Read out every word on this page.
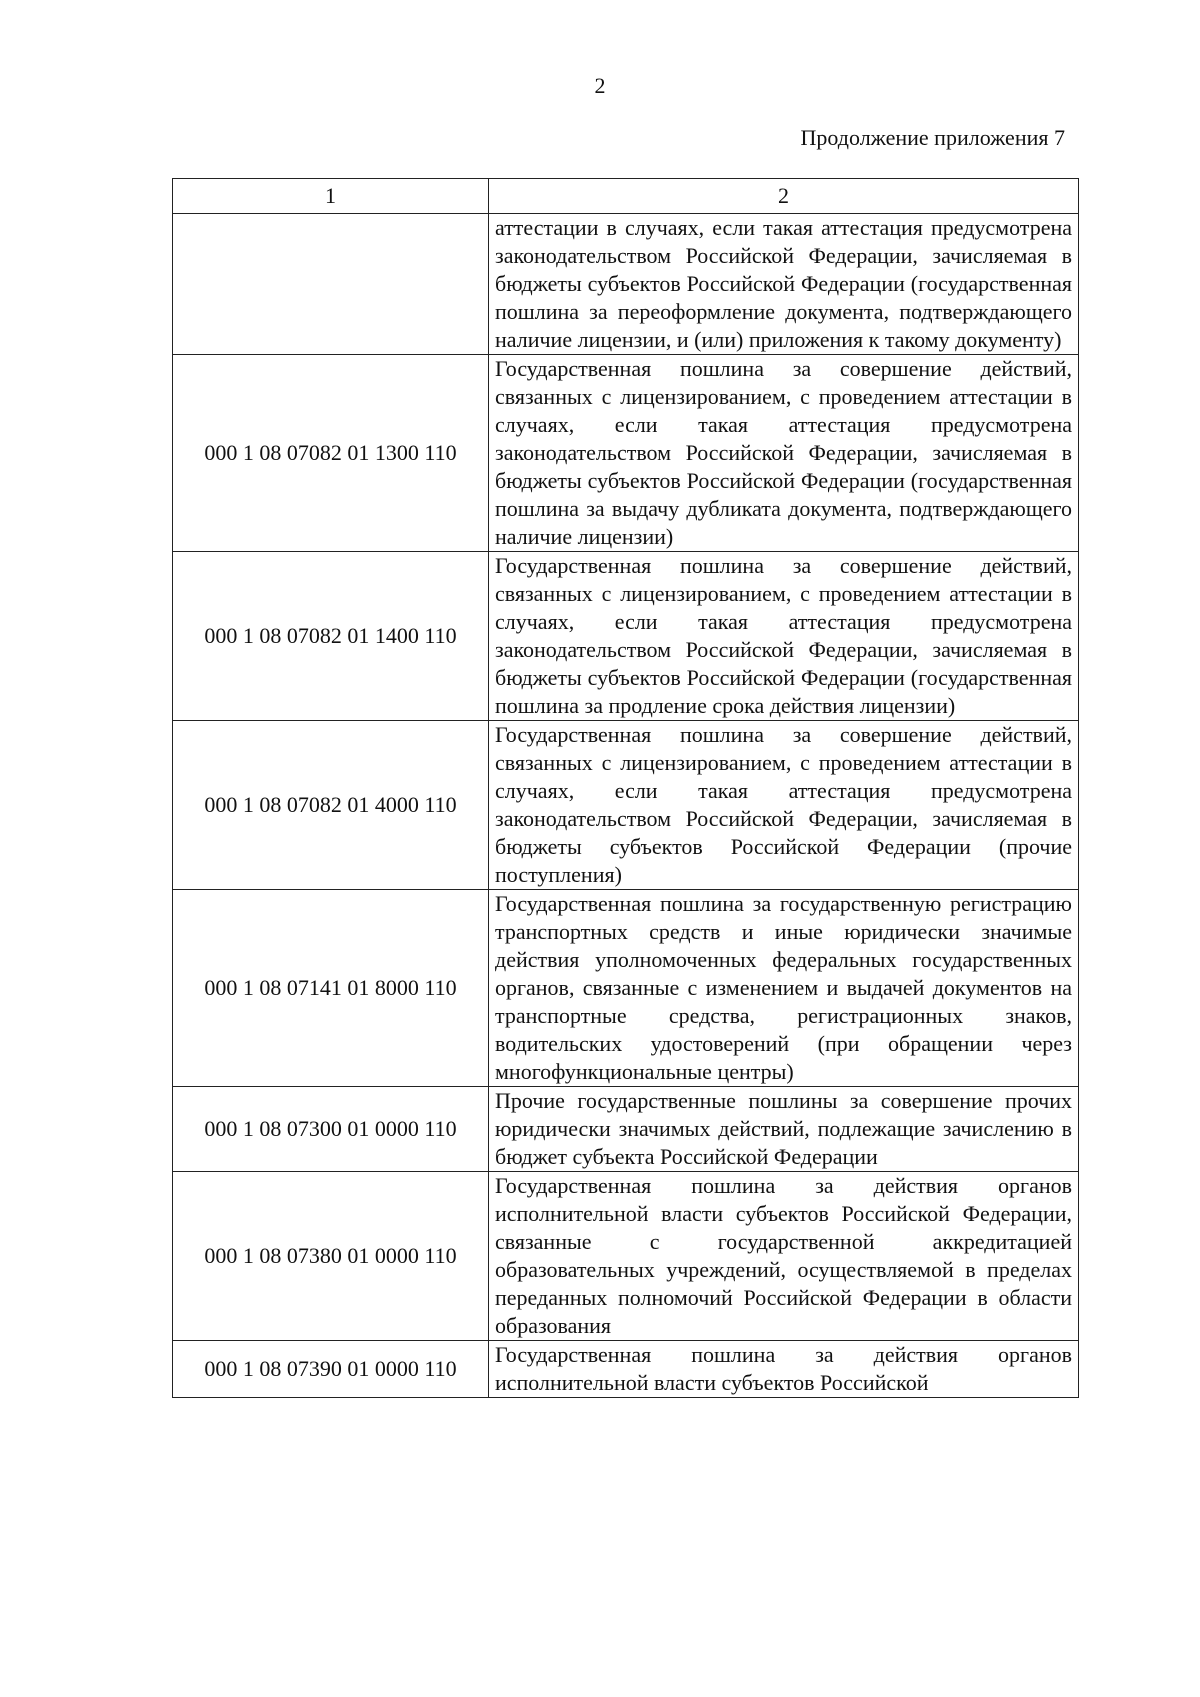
2
Продолжение приложения 7
1	2
	аттестации в случаях, если такая аттестация предусмотрена законодательством Российской Федерации, зачисляемая в бюджеты субъектов Российской Федерации (государственная пошлина за переоформление документа, подтверждающего наличие лицензии, и (или) приложения к такому документу)
000 1 08 07082 01 1300 110	Государственная пошлина за совершение действий, связанных с лицензированием, с проведением аттестации в случаях, если такая аттестация предусмотрена законодательством Российской Федерации, зачисляемая в бюджеты субъектов Российской Федерации (государственная пошлина за выдачу дубликата документа, подтверждающего наличие лицензии)
000 1 08 07082 01 1400 110	Государственная пошлина за совершение действий, связанных с лицензированием, с проведением аттестации в случаях, если такая аттестация предусмотрена законодательством Российской Федерации, зачисляемая в бюджеты субъектов Российской Федерации (государственная пошлина за продление срока действия лицензии)
000 1 08 07082 01 4000 110	Государственная пошлина за совершение действий, связанных с лицензированием, с проведением аттестации в случаях, если такая аттестация предусмотрена законодательством Российской Федерации, зачисляемая в бюджеты субъектов Российской Федерации (прочие поступления)
000 1 08 07141 01 8000 110	Государственная пошлина за государственную регистрацию транспортных средств и иные юридически значимые действия уполномоченных федеральных государственных органов, связанные с изменением и выдачей документов на транспортные средства, регистрационных знаков, водительских удостоверений (при обращении через многофункциональные центры)
000 1 08 07300 01 0000 110	Прочие государственные пошлины за совершение прочих юридически значимых действий, подлежащие зачислению в бюджет субъекта Российской Федерации
000 1 08 07380 01 0000 110	Государственная пошлина за действия органов исполнительной власти субъектов Российской Федерации, связанные с государственной аккредитацией образовательных учреждений, осуществляемой в пределах переданных полномочий Российской Федерации в области образования
000 1 08 07390 01 0000 110	Государственная пошлина за действия органов исполнительной власти субъектов Российской
